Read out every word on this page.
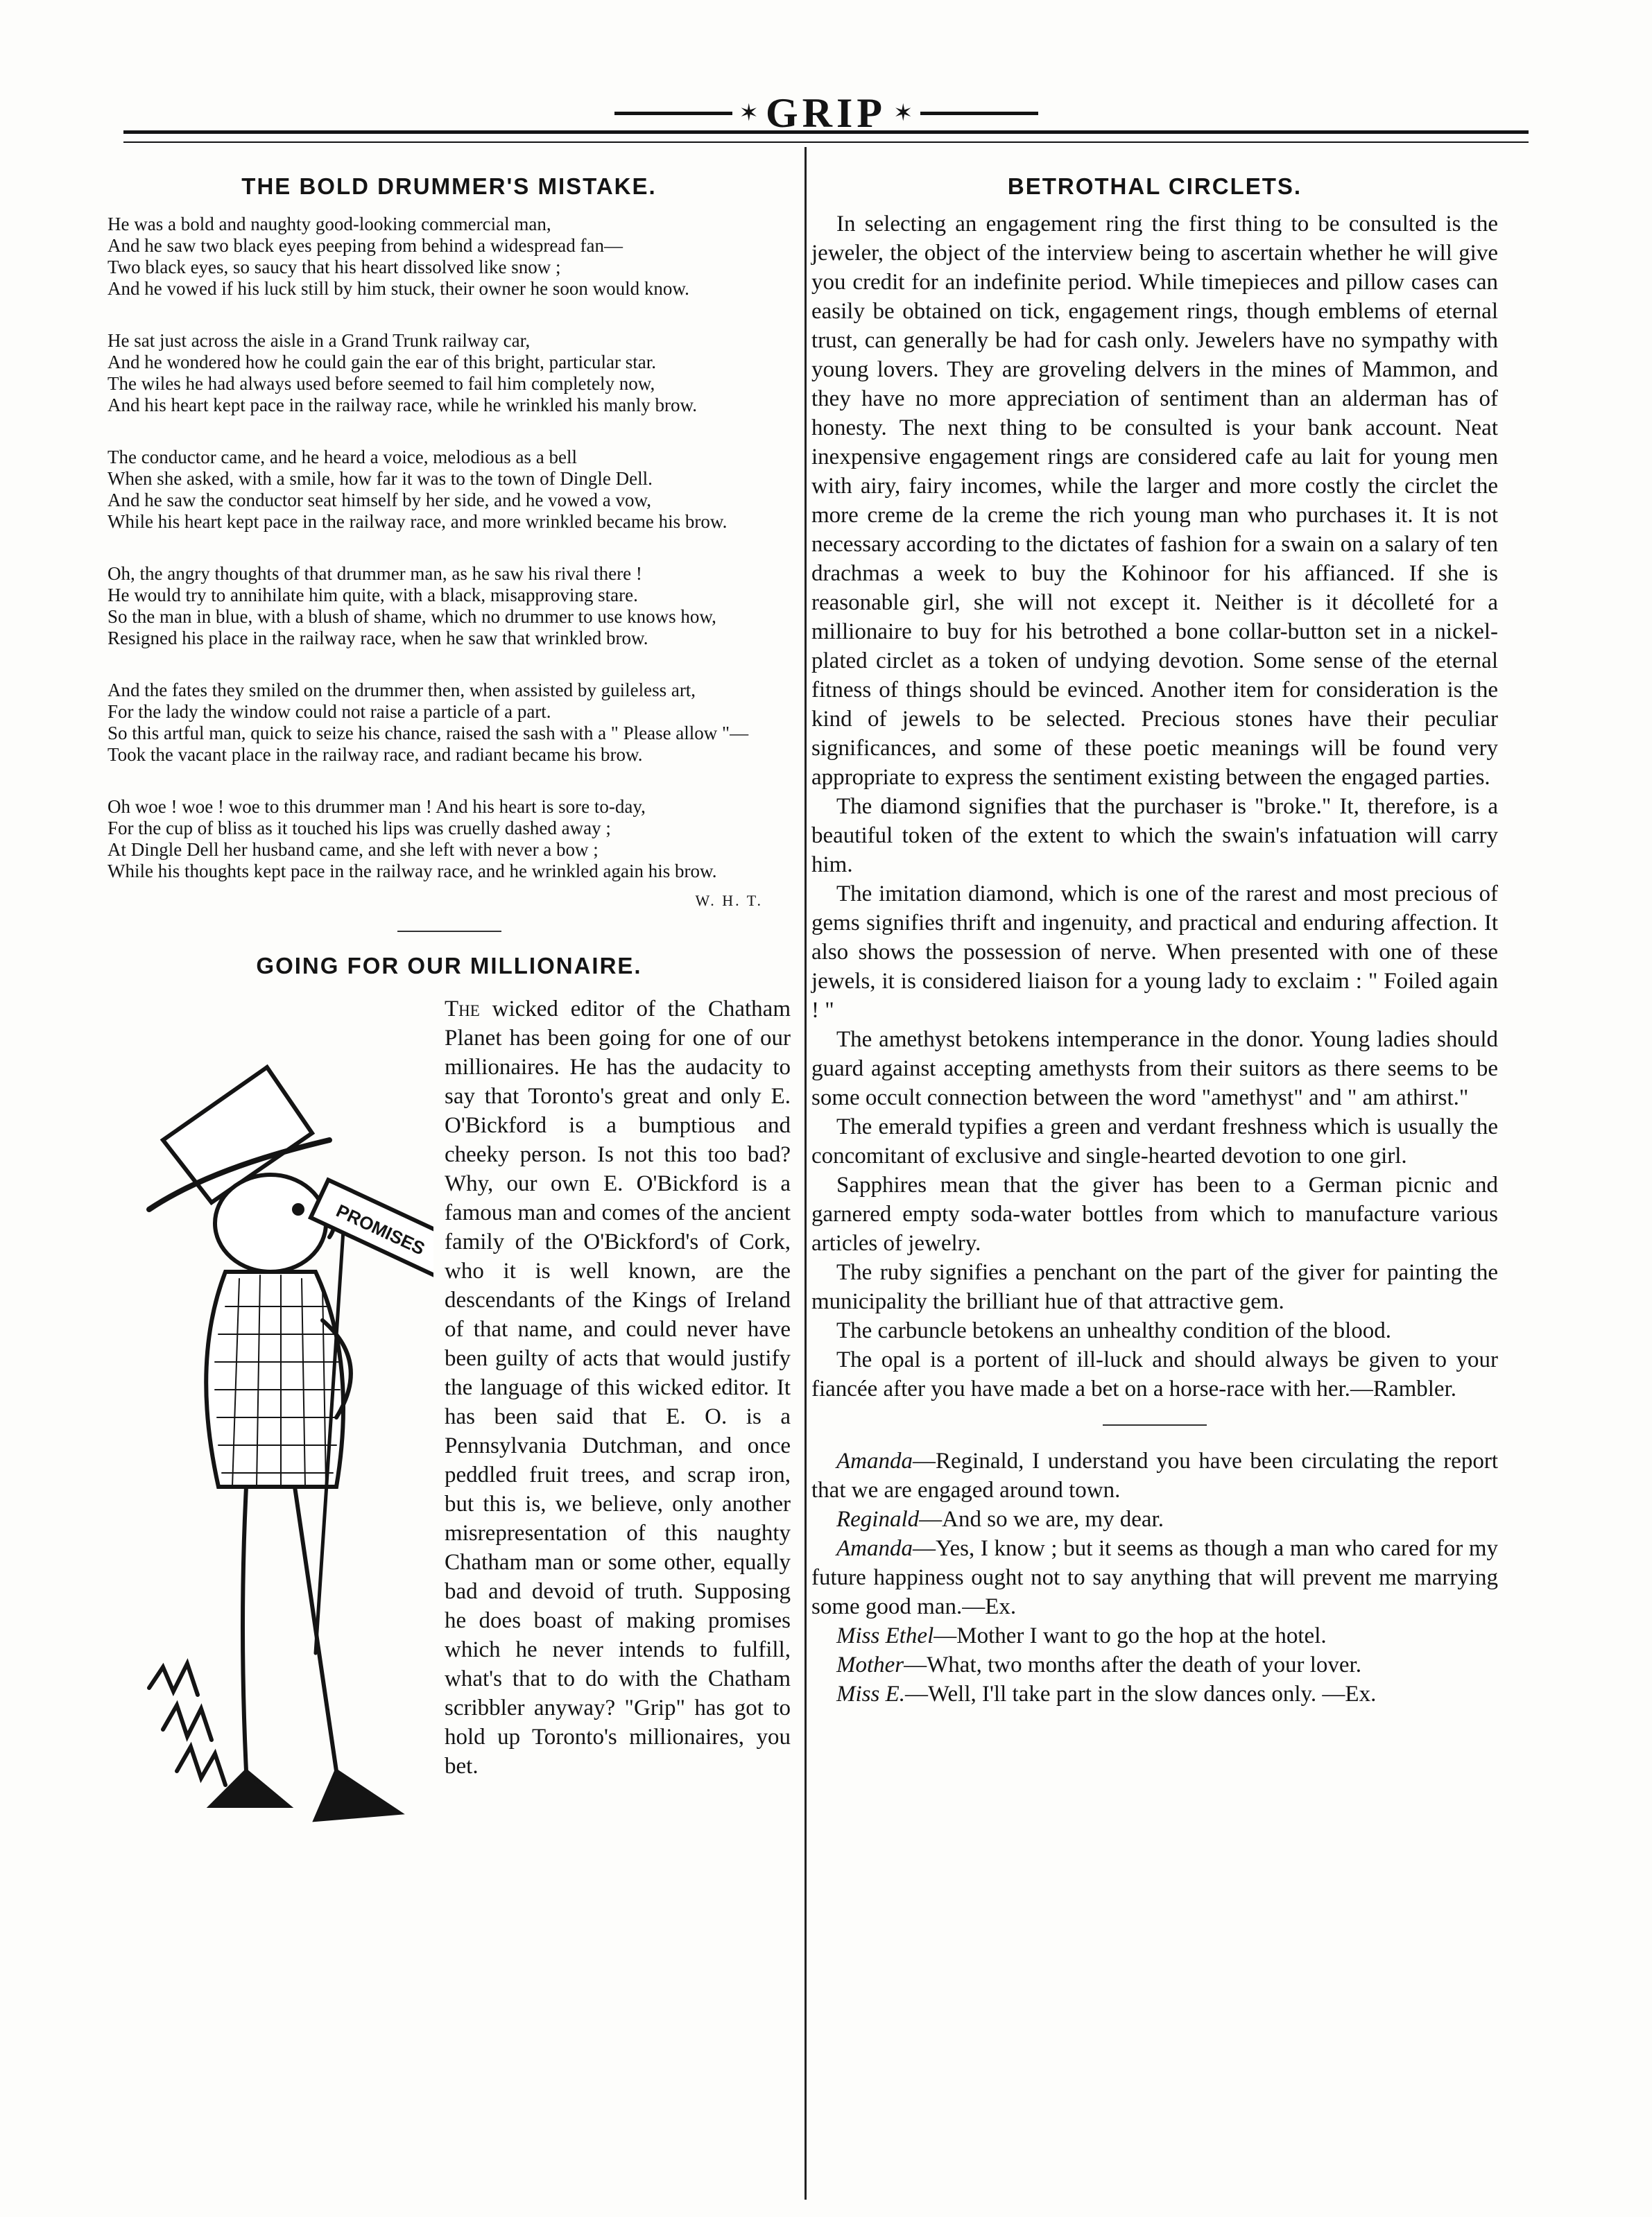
✶ GRIP ✶
THE BOLD DRUMMER'S MISTAKE.
He was a bold and naughty good-looking commercial man,
And he saw two black eyes peeping from behind a widespread fan—
Two black eyes, so saucy that his heart dissolved like snow ;
And he vowed if his luck still by him stuck, their owner he soon would know.
He sat just across the aisle in a Grand Trunk railway car,
And he wondered how he could gain the ear of this bright, particular star.
The wiles he had always used before seemed to fail him completely now,
And his heart kept pace in the railway race, while he wrinkled his manly brow.
The conductor came, and he heard a voice, melodious as a bell
When she asked, with a smile, how far it was to the town of Dingle Dell.
And he saw the conductor seat himself by her side, and he vowed a vow,
While his heart kept pace in the railway race, and more wrinkled became his brow.
Oh, the angry thoughts of that drummer man, as he saw his rival there !
He would try to annihilate him quite, with a black, misapproving stare.
So the man in blue, with a blush of shame, which no drummer to use knows how,
Resigned his place in the railway race, when he saw that wrinkled brow.
And the fates they smiled on the drummer then, when assisted by guileless art,
For the lady the window could not raise a particle of a part.
So this artful man, quick to seize his chance, raised the sash with a " Please allow "—
Took the vacant place in the railway race, and radiant became his brow.
Oh woe ! woe ! woe to this drummer man ! And his heart is sore to-day,
For the cup of bliss as it touched his lips was cruelly dashed away ;
At Dingle Dell her husband came, and she left with never a bow ;
While his thoughts kept pace in the railway race, and he wrinkled again his brow.
W. H. T.
GOING FOR OUR MILLIONAIRE.
PROMISES

The wicked editor of the Chatham Planet has been going for one of our millionaires. He has the audacity to say that Toronto's great and only E. O'Bickford is a bumptious and cheeky person. Is not this too bad? Why, our own E. O'Bickford is a famous man and comes of the ancient family of the O'Bickford's of Cork, who it is well known, are the descendants of the Kings of Ireland of that name, and could never have been guilty of acts that would justify the language of this wicked editor. It has been said that E. O. is a Pennsylvania Dutchman, and once peddled fruit trees, and scrap iron, but this is, we believe, only another misrepresentation of this naughty Chatham man or some other, equally bad and devoid of truth. Supposing he does boast of making promises which he never intends to fulfill, what's that to do with the Chatham scribbler anyway? "Grip" has got to hold up Toronto's millionaires, you bet.

BETROTHAL CIRCLETS.

In selecting an engagement ring the first thing to be consulted is the jeweler, the object of the interview being to ascertain whether he will give you credit for an indefinite period. While timepieces and pillow cases can easily be obtained on tick, engagement rings, though emblems of eternal trust, can generally be had for cash only. Jewelers have no sympathy with young lovers. They are groveling delvers in the mines of Mammon, and they have no more appreciation of sentiment than an alderman has of honesty. The next thing to be consulted is your bank account. Neat inexpensive engagement rings are considered cafe au lait for young men with airy, fairy incomes, while the larger and more costly the circlet the more creme de la creme the rich young man who purchases it. It is not necessary according to the dictates of fashion for a swain on a salary of ten drachmas a week to buy the Kohinoor for his affianced. If she is reasonable girl, she will not except it. Neither is it décolleté for a millionaire to buy for his betrothed a bone collar-button set in a nickel-plated circlet as a token of undying devotion. Some sense of the eternal fitness of things should be evinced. Another item for consideration is the kind of jewels to be selected. Precious stones have their peculiar significances, and some of these poetic meanings will be found very appropriate to express the sentiment existing between the engaged parties.

The diamond signifies that the purchaser is "broke." It, therefore, is a beautiful token of the extent to which the swain's infatuation will carry him.

The imitation diamond, which is one of the rarest and most precious of gems signifies thrift and ingenuity, and practical and enduring affection. It also shows the possession of nerve. When presented with one of these jewels, it is considered liaison for a young lady to exclaim : " Foiled again ! "

The amethyst betokens intemperance in the donor. Young ladies should guard against accepting amethysts from their suitors as there seems to be some occult connection between the word "amethyst" and " am athirst."

The emerald typifies a green and verdant freshness which is usually the concomitant of exclusive and single-hearted devotion to one girl.

Sapphires mean that the giver has been to a German picnic and garnered empty soda-water bottles from which to manufacture various articles of jewelry.

The ruby signifies a penchant on the part of the giver for painting the municipality the brilliant hue of that attractive gem.

The carbuncle betokens an unhealthy condition of the blood.

The opal is a portent of ill-luck and should always be given to your fiancée after you have made a bet on a horse-race with her.—Rambler.

Amanda—Reginald, I understand you have been circulating the report that we are engaged around town.

Reginald—And so we are, my dear.

Amanda—Yes, I know ; but it seems as though a man who cared for my future happiness ought not to say anything that will prevent me marrying some good man.—Ex.

Miss Ethel—Mother I want to go the hop at the hotel.

Mother—What, two months after the death of your lover.

Miss E.—Well, I'll take part in the slow dances only. —Ex.
